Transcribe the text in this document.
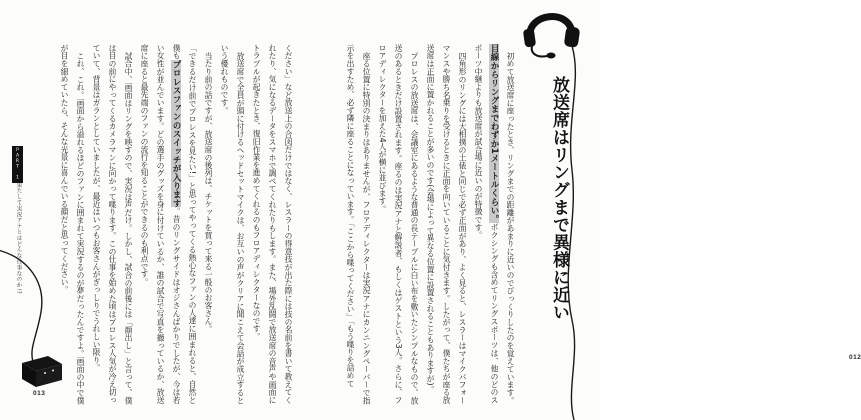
放送席はリングまで異様に近い

初めて放送席に座ったとき、リングまでの距離があまりに近いのでびっくりしたのを覚えています。目線からリングまでわずか1メートルくらい。ボクシングも含めてリングスポーツは、他のどのスポーツ中継よりも放送席が試合場に近いのが特徴です。

四角形のリングには大相撲の土俵と同じで必ず正面があり、よく見ると、レスラーはマイクパフォーマンスや勝ち名乗りを受けるときに正面を向いていることに気付きます。したがって、僕たちが座る放送席は正面に置かれることが多いのです(会場によって異なる位置に設置されることもありますが)。

プロレスの放送席は、会議室にあるような普通の長テーブルに白い布を敷いたシンプルなもので、放送のあるときだけ設置されます。座るのは実況アナと解説者、もしくはゲストという3人。さらに、フロアディレクターを加えた4人が横に並びます。

座る位置に特別の決まりはありませんが、フロアディレクターは実況アナにカンニングペーパーで指示を出すため、必ず隣に座ることになっています。「ここから喋ってください」「もう喋りを詰めて	012

ください」など放送上の合図だけではなく、レスラーの得意技が出た際には技の名前を書いて教えてくれたり、気になるデータをスマホで調べてくれたりもします。また、場外乱闘で放送席の音声や画面にトラブルが起きたとき、復旧作業を進めてくれるのもフロアディレクターなのです。

放送席で全員が頭に付けるヘッドセットマイクは、お互いの声がクリアに聞こえて会話が成立するという優れものです。

当たり前の話ですが、放送席の後列は、チケットを買って来る一般のお客さん。

「できるだけ前でプロレスを見たい!」と思ってやってくる熱心なファンの人達に囲まれると、自然と僕もプロレスファンのスイッチが入ります。昔のリングサイドはオジさんばかりでしたが、今は若い女性が並んでいます。どの選手のグッズを身に付けているか、誰の試合で写真を撮っているか、放送席に座ると最先端のファンの流行を知ることができるのも利点です。

試合中、画面はリングを映すので、実況は声だけ。しかし、試合の前後には「顔出し」と言って、僕は目の前にやってくるカメラマンに向かって喋ります。この仕事を始めた頃はプロレス人気が冷え切っていて、背景はガランとしていましたが、最近はいつもお客さんがぎっしりでうれしい限り。

これ、これ。画面から溢れるほどのファンに囲まれて実況するのが夢だったんですよ。画面の中で僕が目を細めていたら、そんな光景に喜んでいる顔だと思ってください。

PART 1
果たして実況アナとはどんな仕事なのか!?
013
